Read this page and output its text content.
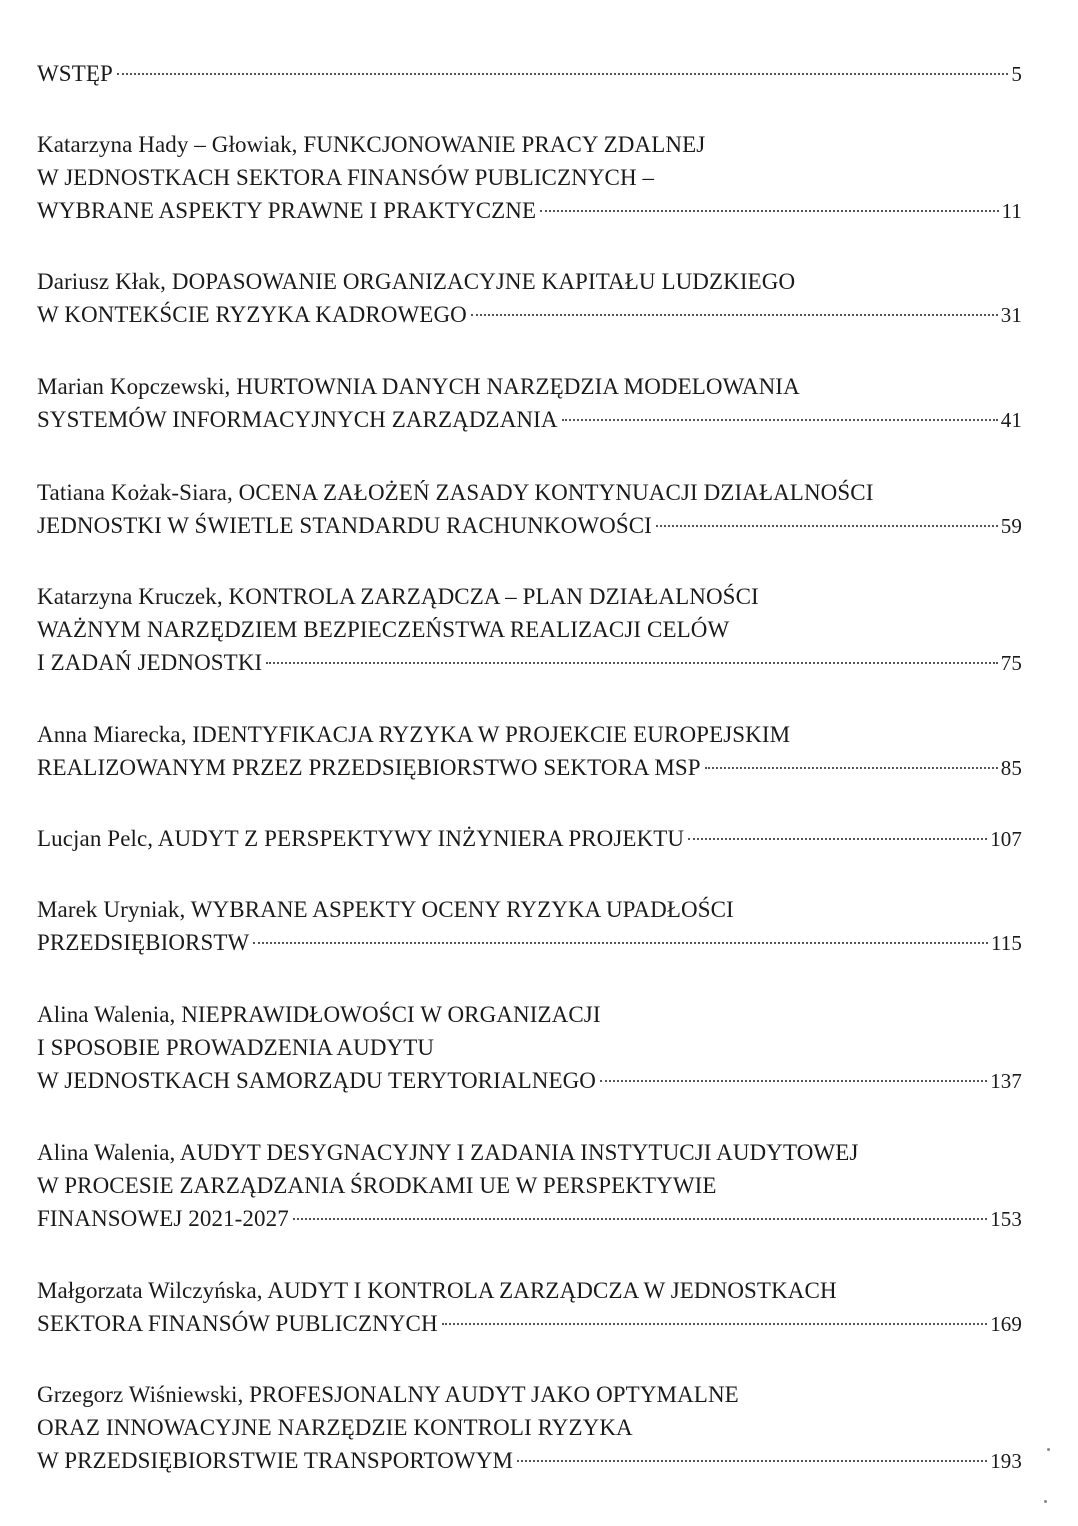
WSTĘP	5
Katarzyna Hady – Głowiak, FUNKCJONOWANIE PRACY ZDALNEJ
W JEDNOSTKACH SEKTORA FINANSÓW PUBLICZNYCH –
WYBRANE ASPEKTY PRAWNE I PRAKTYCZNE	11
Dariusz Kłak, DOPASOWANIE ORGANIZACYJNE KAPITAŁU LUDZKIEGO
W KONTEKŚCIE RYZYKA KADROWEGO	31
Marian Kopczewski, HURTOWNIA DANYCH NARZĘDZIA MODELOWANIA
SYSTEMÓW INFORMACYJNYCH ZARZĄDZANIA	41
Tatiana Kożak-Siara, OCENA ZAŁOŻEŃ ZASADY KONTYNUACJI DZIAŁALNOŚCI
JEDNOSTKI W ŚWIETLE STANDARDU RACHUNKOWOŚCI	59
Katarzyna Kruczek, KONTROLA ZARZĄDCZA – PLAN DZIAŁALNOŚCI
WAŻNYM NARZĘDZIEM BEZPIECZEŃSTWA REALIZACJI CELÓW
I ZADAŃ JEDNOSTKI	75
Anna Miarecka, IDENTYFIKACJA RYZYKA W PROJEKCIE EUROPEJSKIM
REALIZOWANYM PRZEZ PRZEDSIĘBIORSTWO SEKTORA MSP	85
Lucjan Pelc, AUDYT Z PERSPEKTYWY INŻYNIERA PROJEKTU	107
Marek Uryniak, WYBRANE ASPEKTY OCENY RYZYKA UPADŁOŚCI
PRZEDSIĘBIORSTW	115
Alina Walenia, NIEPRAWIDŁOWOŚCI W ORGANIZACJI
I SPOSOBIE PROWADZENIA AUDYTU
W JEDNOSTKACH SAMORZĄDU TERYTORIALNEGO	137
Alina Walenia, AUDYT DESYGNACYJNY I ZADANIA INSTYTUCJI AUDYTOWEJ
W PROCESIE ZARZĄDZANIA ŚRODKAMI UE W PERSPEKTYWIE
FINANSOWEJ 2021-2027	153
Małgorzata Wilczyńska, AUDYT I KONTROLA ZARZĄDCZA W JEDNOSTKACH
SEKTORA FINANSÓW PUBLICZNYCH	169
Grzegorz Wiśniewski, PROFESJONALNY AUDYT JAKO OPTYMALNE
ORAZ INNOWACYJNE NARZĘDZIE KONTROLI RYZYKA
W PRZEDSIĘBIORSTWIE TRANSPORTOWYM	193
